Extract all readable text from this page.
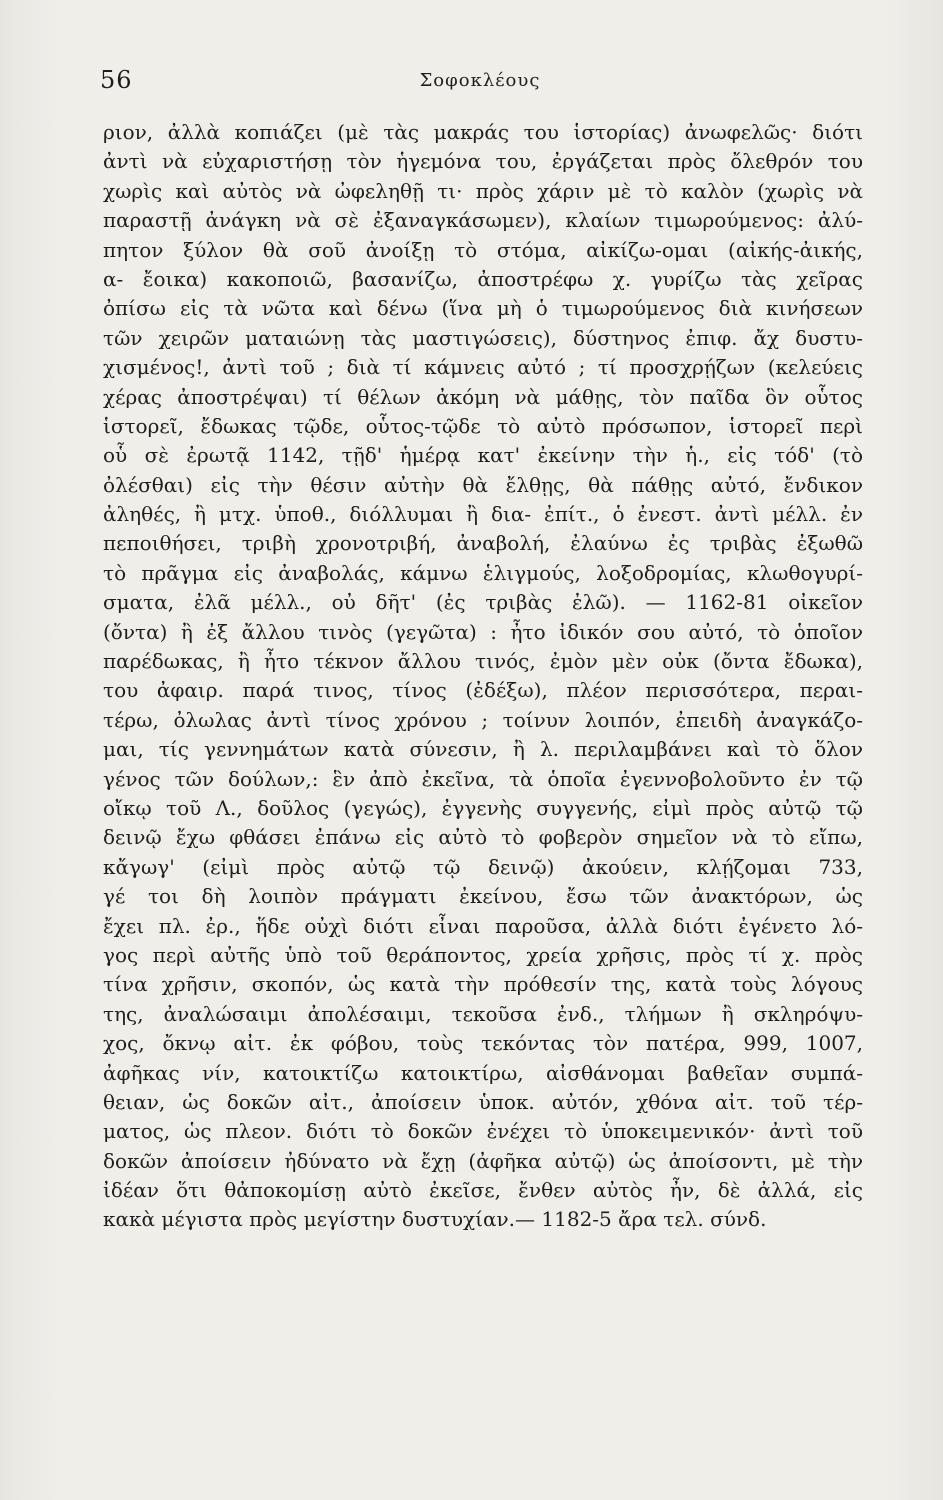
56	Σοφοκλέους
ριον, ἀλλὰ κοπιάζει (μὲ τὰς μακράς του ἱστορίας) ἀνωφελῶς· διότι
ἀντὶ νὰ εὐχαριστήσῃ τὸν ἡγεμόνα του, ἐργάζεται πρὸς ὄλεθρόν του
χωρὶς καὶ αὐτὸς νὰ ὠφεληθῇ τι· πρὸς χάριν μὲ τὸ καλὸν (χωρὶς νὰ
παραστῇ ἀνάγκη νὰ σὲ ἐξαναγκάσωμεν), κλαίων τιμωρούμενος: ἀλύ-
πητον ξύλον θὰ σοῦ ἀνοίξῃ τὸ στόμα, αἰκίζω-ομαι (αἰκής-ἀικής,
α- ἔοικα) κακοποιῶ, βασανίζω, ἀποστρέφω χ. γυρίζω τὰς χεῖρας
ὀπίσω εἰς τὰ νῶτα καὶ δένω (ἵνα μὴ ὁ τιμωρούμενος διὰ κινήσεων
τῶν χειρῶν ματαιώνῃ τὰς μαστιγώσεις), δύστηνος ἐπιφ. ἄχ δυστυ-
χισμένος!, ἀντὶ τοῦ ; διὰ τί κάμνεις αὐτό ; τί προσχρῄζων (κελεύεις
χέρας ἀποστρέψαι) τί θέλων ἀκόμη νὰ μάθῃς, τὸν παῖδα ὃν οὗτος
ἱστορεῖ, ἔδωκας τῷδε, οὗτος-τῷδε τὸ αὐτὸ πρόσωπον, ἱστορεῖ περὶ
οὗ σὲ ἐρωτᾷ 1142, τῇδ' ἡμέρᾳ κατ' ἐκείνην τὴν ἡ., εἰς τόδ' (τὸ
ὀλέσθαι) εἰς τὴν θέσιν αὐτὴν θὰ ἔλθῃς, θὰ πάθῃς αὐτό, ἔνδικον
ἀληθές, ἢ μτχ. ὑποθ., διόλλυμαι ἢ δια- ἐπίτ., ὁ ἐνεστ. ἀντὶ μέλλ. ἐν
πεποιθήσει, τριβὴ χρονοτριβή, ἀναβολή, ἐλαύνω ἐς τριβὰς ἐξωθῶ
τὸ πρᾶγμα εἰς ἀναβολάς, κάμνω ἑλιγμούς, λοξοδρομίας, κλωθογυρί-
σματα, ἐλᾶ μέλλ., οὐ δῆτ' (ἐς τριβὰς ἐλῶ). — 1162-81 οἰκεῖον
(ὄντα) ἢ ἐξ ἄλλου τινὸς (γεγῶτα) : ἦτο ἰδικόν σου αὐτό, τὸ ὁποῖον
παρέδωκας, ἢ ἦτο τέκνον ἄλλου τινός, ἐμὸν μὲν οὐκ (ὄντα ἔδωκα),
του ἀφαιρ. παρά τινος, τίνος (ἐδέξω), πλέον περισσότερα, περαι-
τέρω, ὀλωλας ἀντὶ τίνος χρόνου ; τοίνυν λοιπόν, ἐπειδὴ ἀναγκάζο-
μαι, τίς γεννημάτων κατὰ σύνεσιν, ἢ λ. περιλαμβάνει καὶ τὸ ὅλον
γένος τῶν δούλων,: ἓν ἀπὸ ἐκεῖνα, τὰ ὁποῖα ἐγεννοβολοῦντο ἐν τῷ
οἴκῳ τοῦ Λ., δοῦλος (γεγώς), ἐγγενὴς συγγενής, εἰμὶ πρὸς αὐτῷ τῷ
δεινῷ ἔχω φθάσει ἐπάνω εἰς αὐτὸ τὸ φοβερὸν σημεῖον νὰ τὸ εἴπω,
κἄγωγ' (εἰμὶ πρὸς αὐτῷ τῷ δεινῷ) ἀκούειν, κλῄζομαι 733,
γέ τοι δὴ λοιπὸν πράγματι ἐκείνου, ἔσω τῶν ἀνακτόρων, ὡς
ἔχει πλ. ἐρ., ἥδε οὐχὶ διότι εἶναι παροῦσα, ἀλλὰ διότι ἐγένετο λό-
γος περὶ αὐτῆς ὑπὸ τοῦ θεράποντος, χρεία χρῆσις, πρὸς τί χ. πρὸς
τίνα χρῆσιν, σκοπόν, ὡς κατὰ τὴν πρόθεσίν της, κατὰ τοὺς λόγους
της, ἀναλώσαιμι ἀπολέσαιμι, τεκοῦσα ἐνδ., τλήμων ἢ σκληρόψυ-
χος, ὄκνῳ αἰτ. ἐκ φόβου, τοὺς τεκόντας τὸν πατέρα, 999, 1007,
ἀφῆκας νίν, κατοικτίζω κατοικτίρω, αἰσθάνομαι βαθεῖαν συμπά-
θειαν, ὡς δοκῶν αἰτ., ἀποίσειν ὑποκ. αὐτόν, χθόνα αἰτ. τοῦ τέρ-
ματος, ὡς πλεον. διότι τὸ δοκῶν ἐνέχει τὸ ὑποκειμενικόν· ἀντὶ τοῦ
δοκῶν ἀποίσειν ἠδύνατο νὰ ἔχῃ (ἀφῆκα αὐτῷ) ὡς ἀποίσοντι, μὲ τὴν
ἰδέαν ὅτι θἀποκομίσῃ αὐτὸ ἐκεῖσε, ἔνθεν αὐτὸς ἦν, δὲ ἀλλά, εἰς
κακὰ μέγιστα πρὸς μεγίστην δυστυχίαν.— 1182-5 ἄρα τελ. σύνδ.
